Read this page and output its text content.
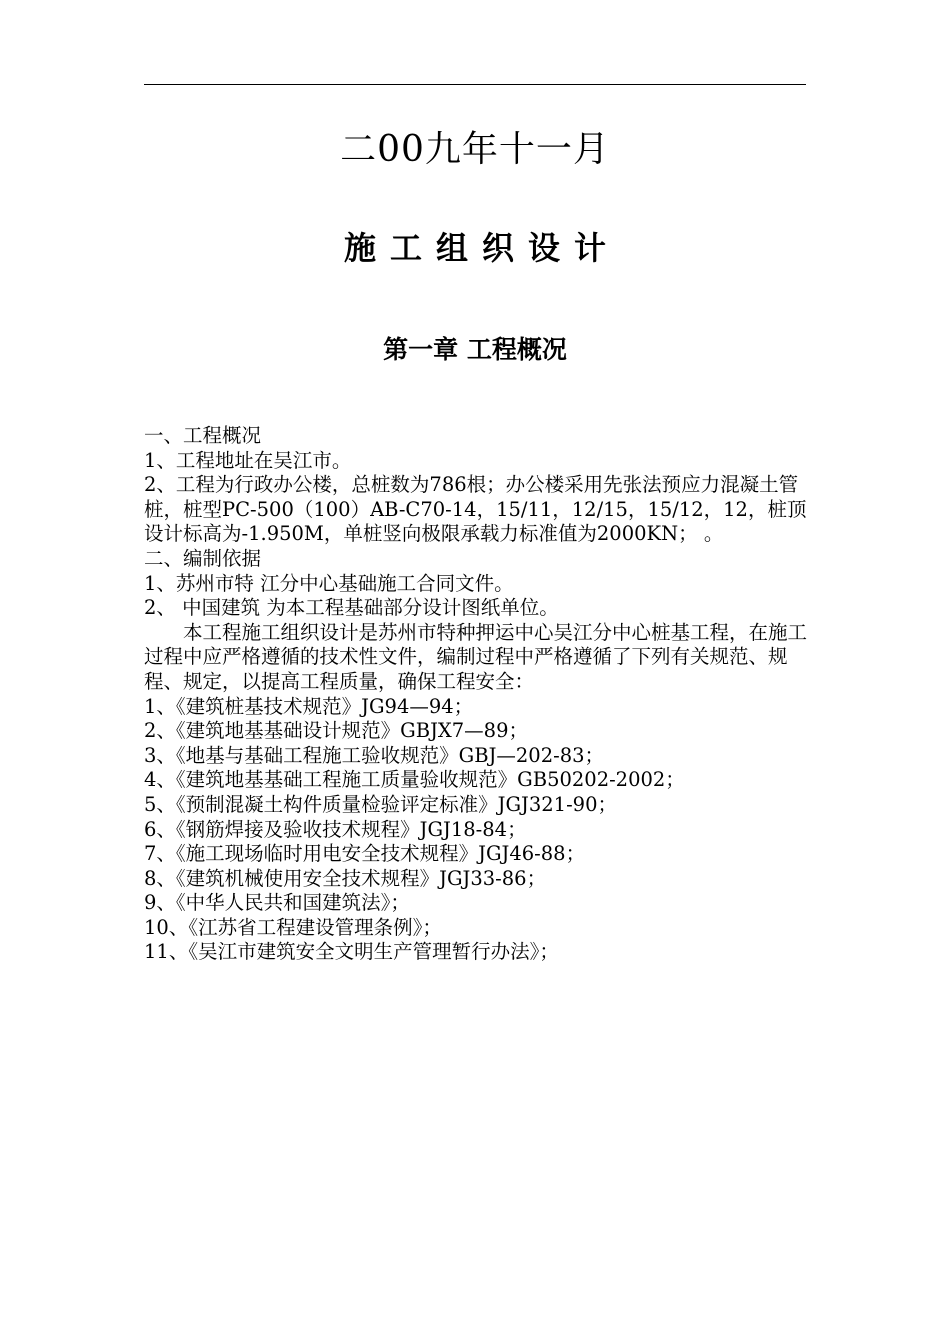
二00九年十一月
施工组织设计
第一章 工程概况

一、工程概况

1、工程地址在吴江市。

2、工程为行政办公楼，总桩数为786根；办公楼采用先张法预应力混凝土管桩，桩型PC-500（100）AB-C70-14，15/11，12/15，15/12，12，桩顶设计标高为-1.950M，单桩竖向极限承载力标准值为2000KN； 。

二、编制依据

1、苏州市特 江分中心基础施工合同文件。

2、 中国建筑 为本工程基础部分设计图纸单位。

本工程施工组织设计是苏州市特种押运中心吴江分中心桩基工程，在施工过程中应严格遵循的技术性文件，编制过程中严格遵循了下列有关规范、规程、规定，以提高工程质量，确保工程安全：

1、《建筑桩基技术规范》JG94—94；

2、《建筑地基基础设计规范》GBJX7—89；

3、《地基与基础工程施工验收规范》GBJ—202-83；

4、《建筑地基基础工程施工质量验收规范》GB50202-2002；

5、《预制混凝土构件质量检验评定标准》JGJ321-90；

6、《钢筋焊接及验收技术规程》JGJ18-84；

7、《施工现场临时用电安全技术规程》JGJ46-88；

8、《建筑机械使用安全技术规程》JGJ33-86；

9、《中华人民共和国建筑法》；

10、《江苏省工程建设管理条例》；

11、《吴江市建筑安全文明生产管理暂行办法》；
